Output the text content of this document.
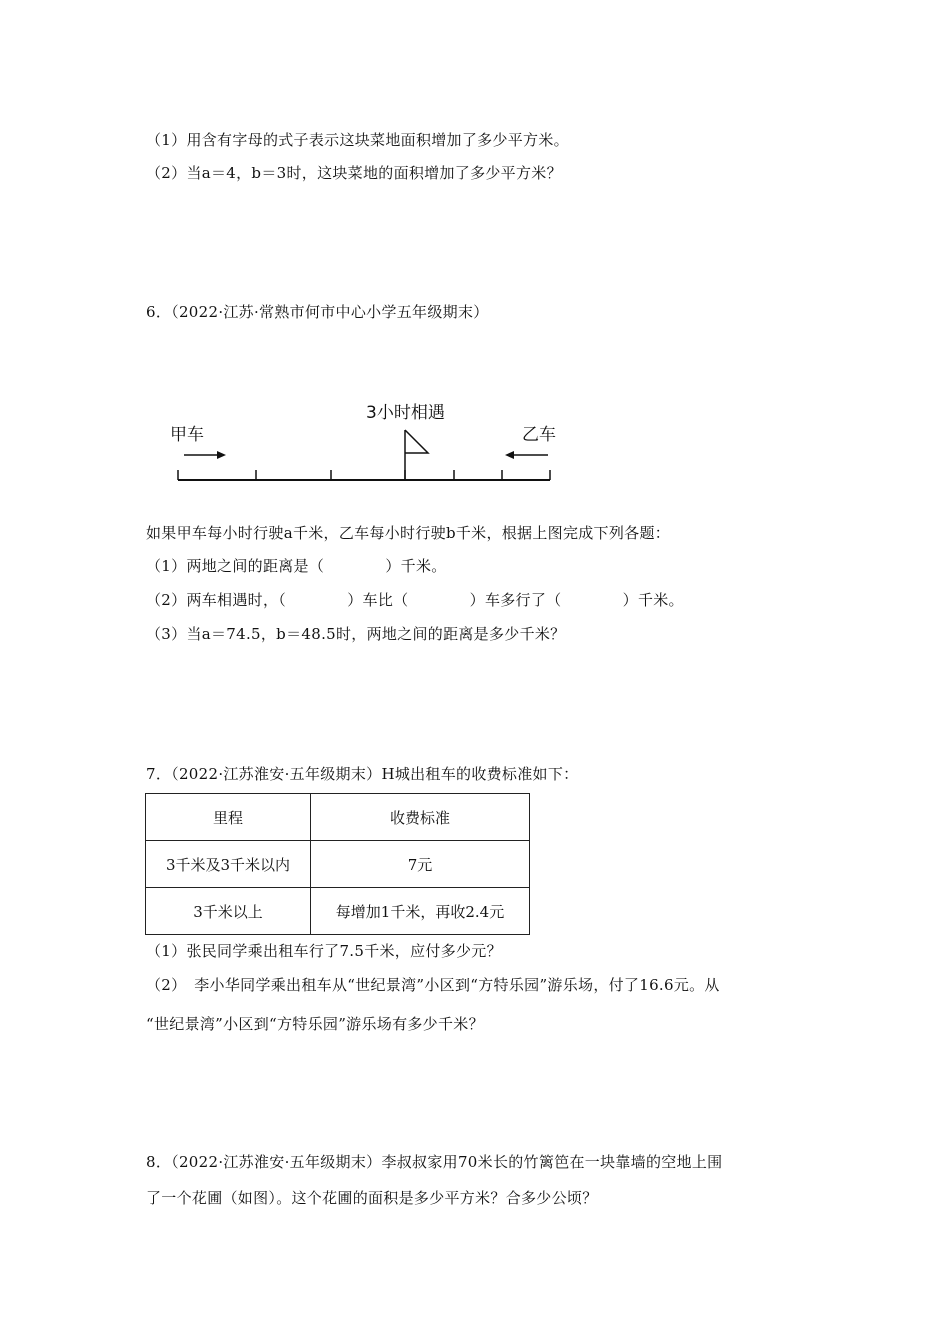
（1）用含有字母的式子表示这块菜地面积增加了多少平方米。
（2）当a＝4，b＝3时，这块菜地的面积增加了多少平方米？
6．（2022·江苏·常熟市何市中心小学五年级期末）
3小时相遇
甲车	乙车
如果甲车每小时行驶a千米，乙车每小时行驶b千米，根据上图完成下列各题：
（1）两地之间的距离是（　　　　）千米。
（2）两车相遇时，（　　　　）车比（　　　　）车多行了（　　　　）千米。
（3）当a＝74.5，b＝48.5时，两地之间的距离是多少千米？
7．（2022·江苏淮安·五年级期末）H城出租车的收费标准如下：
里程	收费标准
3千米及3千米以内	7元
3千米以上	每增加1千米，再收2.4元
（1）张民同学乘出租车行了7.5千米，应付多少元？
（2）　李小华同学乘出租车从“世纪景湾”小区到“方特乐园”游乐场，付了16.6元。从
“世纪景湾”小区到“方特乐园”游乐场有多少千米？
8．（2022·江苏淮安·五年级期末）李叔叔家用70米长的竹篱笆在一块靠墙的空地上围
了一个花圃（如图）。这个花圃的面积是多少平方米？合多少公顷？
